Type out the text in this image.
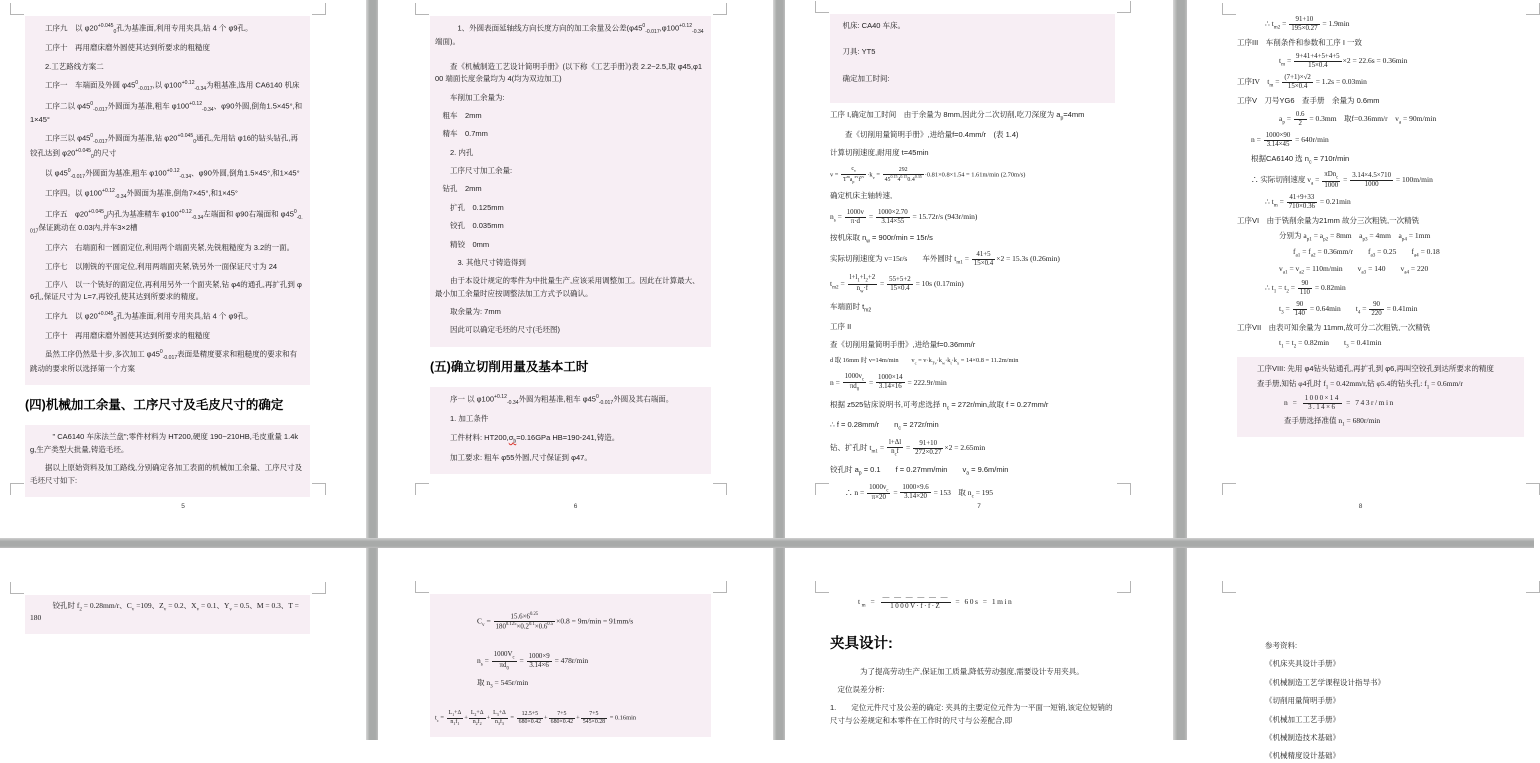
　　工序九　以 $\varphi 20^{+0.045}_0$孔为基准面,利用专用夹具,钻 4 个 φ9孔。
　　工序十　再用磨床磨外圆使其达到所要求的粗糙度
　　2.工艺路线方案二
　　工序一　车端面及外圆 $\varphi 45^0_{-0.017}$,以 $\varphi 100^{+0.12}_{-0.34}$为粗基准,选用 CA6140 机床
　　工序二以 $\varphi 45^0_{-0.017}$外圆面为基准,粗车 $\varphi 100^{+0.12}_{-0.34}$、φ90外圆,倒角1.5×45°,和1×45°
　　工序三以 $\varphi 45^0_{-0.017}$外圆面为基准,钻 $\varphi 20^{+0.045}_0$通孔,先用钻 φ16的钻头钻孔,再铰孔达到 $\varphi 20^{+0.045}_0$的尺寸
　　以 $\varphi 45^0_{-0.017}$外圆面为基准,粗车 $\varphi 100^{+0.12}_{-0.34}$、φ90外圆,倒角1.5×45°,和1×45°
　　工序四。以 $\varphi 100^{+0.12}_{-0.34}$外圆面为基准,倒角7×45°,和1×45°
　　工序五　$\varphi 20^{+0.045}_0$内孔为基准精车 $\varphi 100^{+0.12}_{-0.34}$左端面和 φ90右端面和 $\varphi 45^0_{-0.017}$保证跳动在 0.03内,并车3×2槽
　　工序六　右端面和一圆面定位,利用两个端面夹紧,先铣粗糙度为 3.2的一面。
　　工序七　以刚铣的平面定位,利用两端面夹紧,铣另外一面保证尺寸为 24
　　工序八　以一个铣好的面定位,再利用另外一个面夹紧,钻 φ4的通孔,再扩孔到 φ6孔,保证尺寸为 L=7,再铰孔使其达到所要求的精度。
　　工序九　以 $\varphi 20^{+0.045}_0$孔为基准面,利用专用夹具,钻 4 个 φ9孔。
　　工序十　再用磨床磨外圆使其达到所要求的粗糙度
　　虽然工序仍然是十步,多次加工 $\varphi 45^0_{-0.017}$表面是精度要求和粗糙度的要求和有跳动的要求所以选择第一个方案
(四)机械加工余量、工序尺寸及毛皮尺寸的确定
　　　" CA6140 车床法兰盘";零件材料为 HT200,硬度 190~210HB,毛皮重量 1.4kg,生产类型大批量,铸造毛坯。
　　据以上原始资料及加工路线,分别确定各加工表面的机械加工余量、工序尺寸及毛坯尺寸如下:
5
　　　1、外圆表面延轴线方向长度方向的加工余量及公差($\varphi 45^0_{-0.017},\varphi 100^{+0.12}_{-0.34}$端面)。
　　查《机械制造工艺设计简明手册》(以下称《工艺手册》)表 2.2~2.5,取 φ45,φ100 端面长度余量均为 4(均为双边加工)
　　车削加工余量为:
　粗车　2mm
　精车　0.7mm
　　2. 内孔
　　工序尺寸加工余量:
　钻孔　2mm
　　扩孔　0.125mm
　　铰孔　0.035mm
　　精铰　0mm
　　　3. 其他尺寸铸造得到
　　由于本设计规定的零件为中批量生产,应该采用调整加工。因此在计算最大、最小加工余量时应按调整法加工方式予以确认。
　　取余量为: 7mm
　　因此可以确定毛坯的尺寸(毛坯图)
(五)确立切削用量及基本工时
　　序一 以 $\varphi 100^{+0.12}_{-0.34}$外圆为粗基准,粗车 $\varphi 45^0_{-0.017}$外圆及其右端面。
　　1. 加工条件
　　工件材料: $HT200,\sigma_b=0.16GPa$ HB=190-241,铸造。
　　加工要求: 粗车 φ55外圆,尺寸保证到 φ47。
6
　机床: CA40 车床。
　刀具: YT5
　确定加工时间:
工序 I,确定加工时间　由于余量为 8mm,因此分二次切削,吃刀深度为 $a_p=4mm$
　　查《切削用量简明手册》,进给量f=0.4mm/r　(表 1.4)
计算切削速度,耐用度 t=45min
$v = \frac{c_v}{T^ma_p^{xv}f^{yv}} \cdot k_v = \frac{292}{45^{0.15}4^{0.15}0.4^{0.35}} \cdot 0.81\times 0.8\times 1.54 = 1.61m/\min$ (2.70m/s)
确定机床主轴转速,
$n_s = \frac{1000v}{\pi\cdot d} = \frac{1000\times 2.70}{3.14\times 55} = 15.72r/s$ (943r/min)
按机床取 $n_w = 900r/\min = 15r/s$
实际切削速度为 v=15r/s　　车外圆时 $t_{m1} = \frac{41+5}{15\times 0.4} \times 2 = 15.3s$ (0.26min)
$t_{m2} = \frac{l+l_1+l_2+2}{n_w\cdot f} = \frac{55+5+2}{15\times 0.4} = 10s$ (0.17min)
车端面时 $t_{m2}$
工序 II
查《切削用量简明手册》,进给量f=0.36mm/r
d 取 16mm 时 v=14m/min　　$v_c = v\cdot k_{Tv}\cdot k_w\cdot k_t\cdot k_x = 14\times 0.8 = 11.2m/\min$
$n = \frac{1000v_c}{\pi d_0} = \frac{1000\times 14}{3.14\times 16} = 222.9r/\min$
根据 z525钻床说明书,可考虑选择 $n_c = 272r/\min$,故取 f = 0.27mm/r
∴ f = 0.28mm/r　　$n_c = 272r/\min$
钻、扩孔时 $t_{m1} = \frac{l+\Delta l}{n_cf} = \frac{91+10}{272\times 0.27} \times 2 = 2.65\min$
铰孔时 $a_p = 0.1$　　f = 0.27mm/min　　$v_a = 9.6m/\min$
　　∴ $n = \frac{1000v_c}{\pi\times 20} = \frac{1000\times 9.6}{3.14\times 20} = 153$　取 $n_c = 195$
7
∴ $t_{m2} = \frac{91+10}{195\times 0.27} = 1.9\min$
工序III　车削条件和参数和工序 I 一致
$t_m = \frac{9+41+4+5+4+5}{15\times 0.4} \times 2 = 22.6s = 0.36\min$
工序IV　$t_m = \frac{(7+1)\times√2}{15\times 0.4} = 1.2s = 0.03\min$
工序V　刀号YG6　查手册　余量为 0.6mm
$a_p = \frac{0.6}{2} = 0.3mm$　取f=0.36mm/r　$v_a = 90m/\min$
$n = \frac{1000\times 90}{3.14\times 45} = 640r/\min$
根据CA6140 选 $n_c = 710r/\min$
∴ 实际切削速度 $v_a = \frac{\pi Dn_c}{1000} = \frac{3.14\times 4.5\times 710}{1000} = 100m/\min$
∴ $t_m = \frac{41+9+33}{710\times 0.36} = 0.21\min$
工序VI　由于铣削余量为21mm 故分三次粗铣,一次精铣
分别为 $a_{p1} = a_{p2} = 8mm$　$a_{p3} = 4mm$　$a_{p4} = 1mm$
$f_{a1} = f_{a2} = 0.36mm/r$　　$f_{a3} = 0.25$　　$f_{a4} = 0.18$
$v_{a1} = v_{a2} = 110m/\min$　　$v_{a3} = 140$　　$v_{a4} = 220$
∴ $t_1 = t_2 = \frac{90}{110} = 0.82\min$
$t_3 = \frac{90}{140} = 0.64\min$　　$t_4 = \frac{90}{220} = 0.41\min$
工序VII　由表可知余量为 11mm,故可分二次粗铣,一次精铣
$t_1 = t_2 = 0.82\min$　　$t_3 = 0.41\min$
　　工序VIII: 先用 φ4钻头钻通孔,再扩孔到 φ6,再叫空铰孔到达所要求的精度
　　查手册,知钻 φ4孔时 $f_1 = 0.42mm/r$,钻 φ5.4的钻头孔: $f_1 = 0.6mm/r$
$n = \frac{1000\times 14}{3.14\times 6} = 743r/\min$
查手册选择准值 $n_1 = 680r/\min$
8
　　　铰孔时 $f_2 = 0.28mm/r$、$C_v =109$、$Z_v = 0.2$、$X_v = 0.1$、$Y_v = 0.5$、M = 0.3、T = 180	$C_v = \frac{15.6\times 6^{0.25}}{180^{0.125}\times 0.2^{0.1}\times 0.6^{0.5}} \times 0.8 = 9m/\min = 91mm/s$
$n_s = \frac{1000V_c}{\pi d_0} = \frac{1000\times 9}{3.14\times 6} = 478r/\min$
取 $n_3 = 545r/\min$
$t_c = \frac{L_1+\Delta}{n_1f_1} + \frac{L_2+\Delta}{n_2f_2} + \frac{L_3+\Delta}{n_3f_3} = \frac{12.5+5}{680\times 0.42} + \frac{7+5}{680\times 0.42} + \frac{7+5}{545\times 0.28} = 0.16\min$
$t_m = \frac{— — — — — —}{1000V\cdot f\cdot f\cdot Z} = 60s = 1\min$
夹具设计:
　　　　为了提高劳动生产,保证加工质量,降低劳动强度,需要设计专用夹具。
　定位误差分析:
1.　　定位元件尺寸及公差的确定: 夹具的主要定位元件为一平面一短销,该定位短销的尺寸与公差规定和本零件在工作时的尺寸与公差配合,即
参考资料:
《机床夹具设计手册》
《机械制造工艺学课程设计指导书》
《切削用量简明手册》
《机械加工工艺手册》
《机械制造技术基础》
《机械精度设计基础》
